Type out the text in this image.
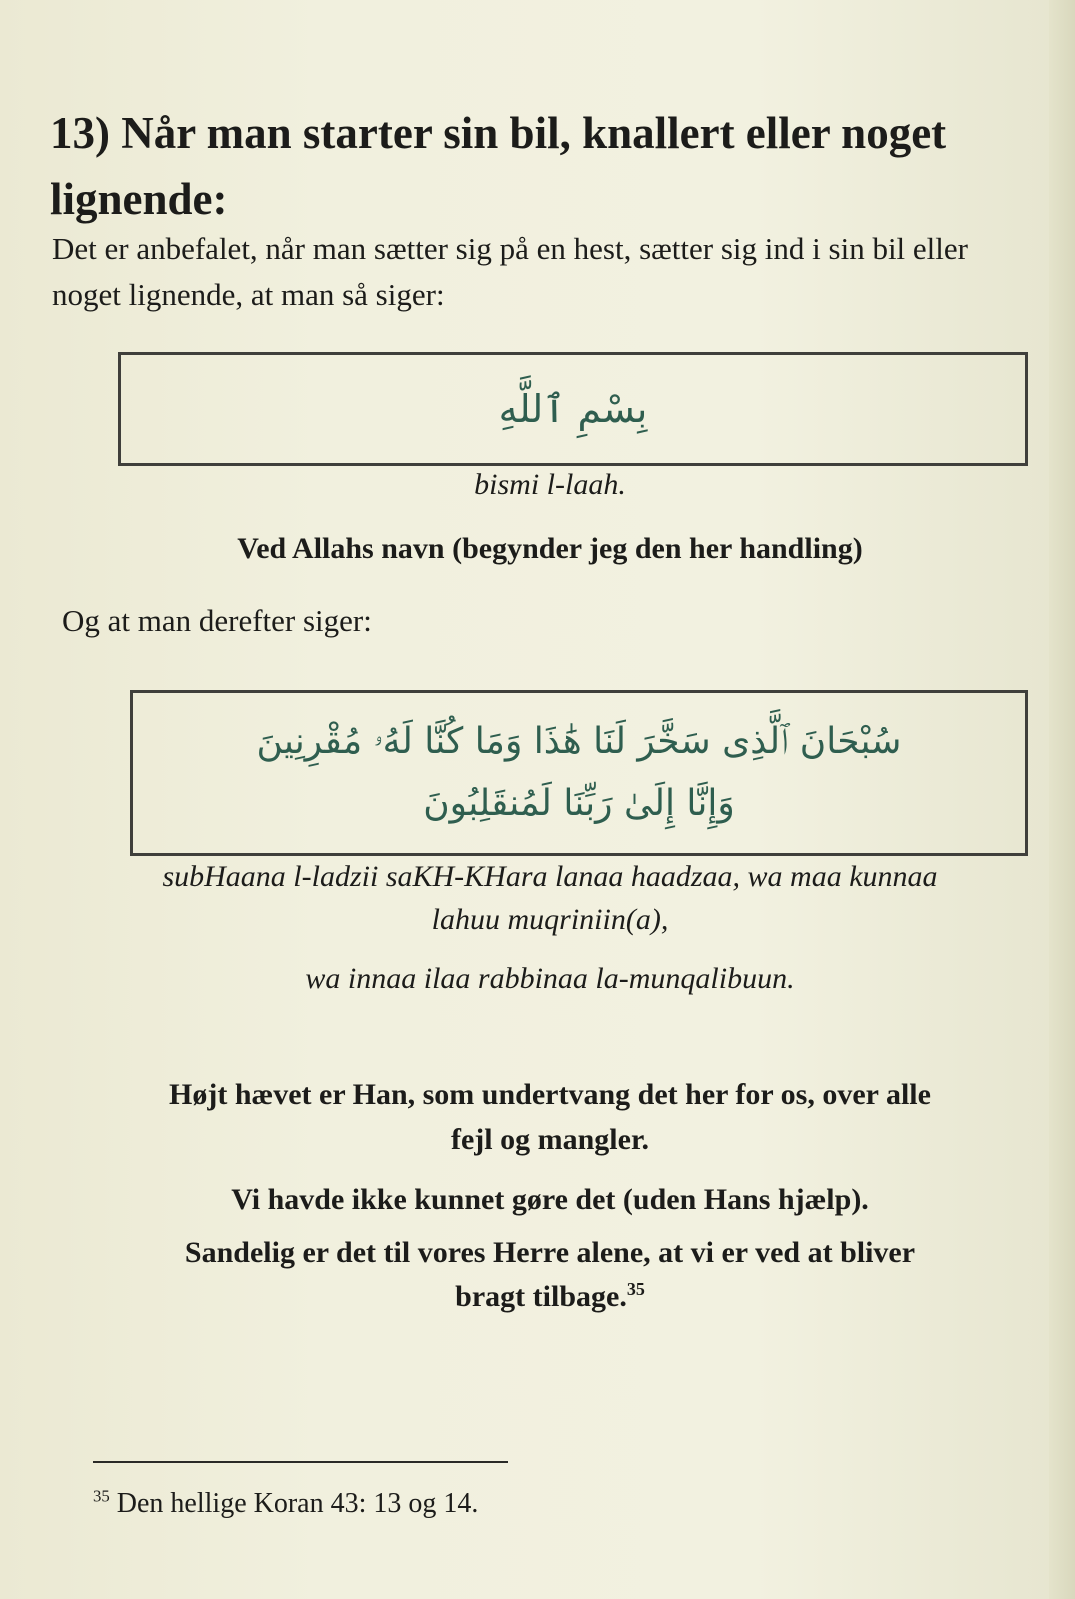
13) Når man starter sin bil, knallert eller noget lignende:

Det er anbefalet, når man sætter sig på en hest, sætter sig ind i sin bil eller noget lignende, at man så siger:

بِسْمِ ٱللَّهِ

bismi l-laah.

Ved Allahs navn (begynder jeg den her handling)

Og at man derefter siger:

سُبْحَانَ ٱلَّذِى سَخَّرَ لَنَا هَٰذَا وَمَا كُنَّا لَهُۥ مُقْرِنِينَ

وَإِنَّا إِلَىٰ رَبِّنَا لَمُنقَلِبُونَ

subHaana l-ladzii saKH-KHara lanaa haadzaa, wa maa kunnaa

lahuu muqriniin(a),

wa innaa ilaa rabbinaa la-munqalibuun.

Højt hævet er Han, som undertvang det her for os, over alle

fejl og mangler.

Vi havde ikke kunnet gøre det (uden Hans hjælp).

Sandelig er det til vores Herre alene, at vi er ved at bliver

bragt tilbage.$^{35}$

$^{35}$ Den hellige Koran 43: 13 og 14.
